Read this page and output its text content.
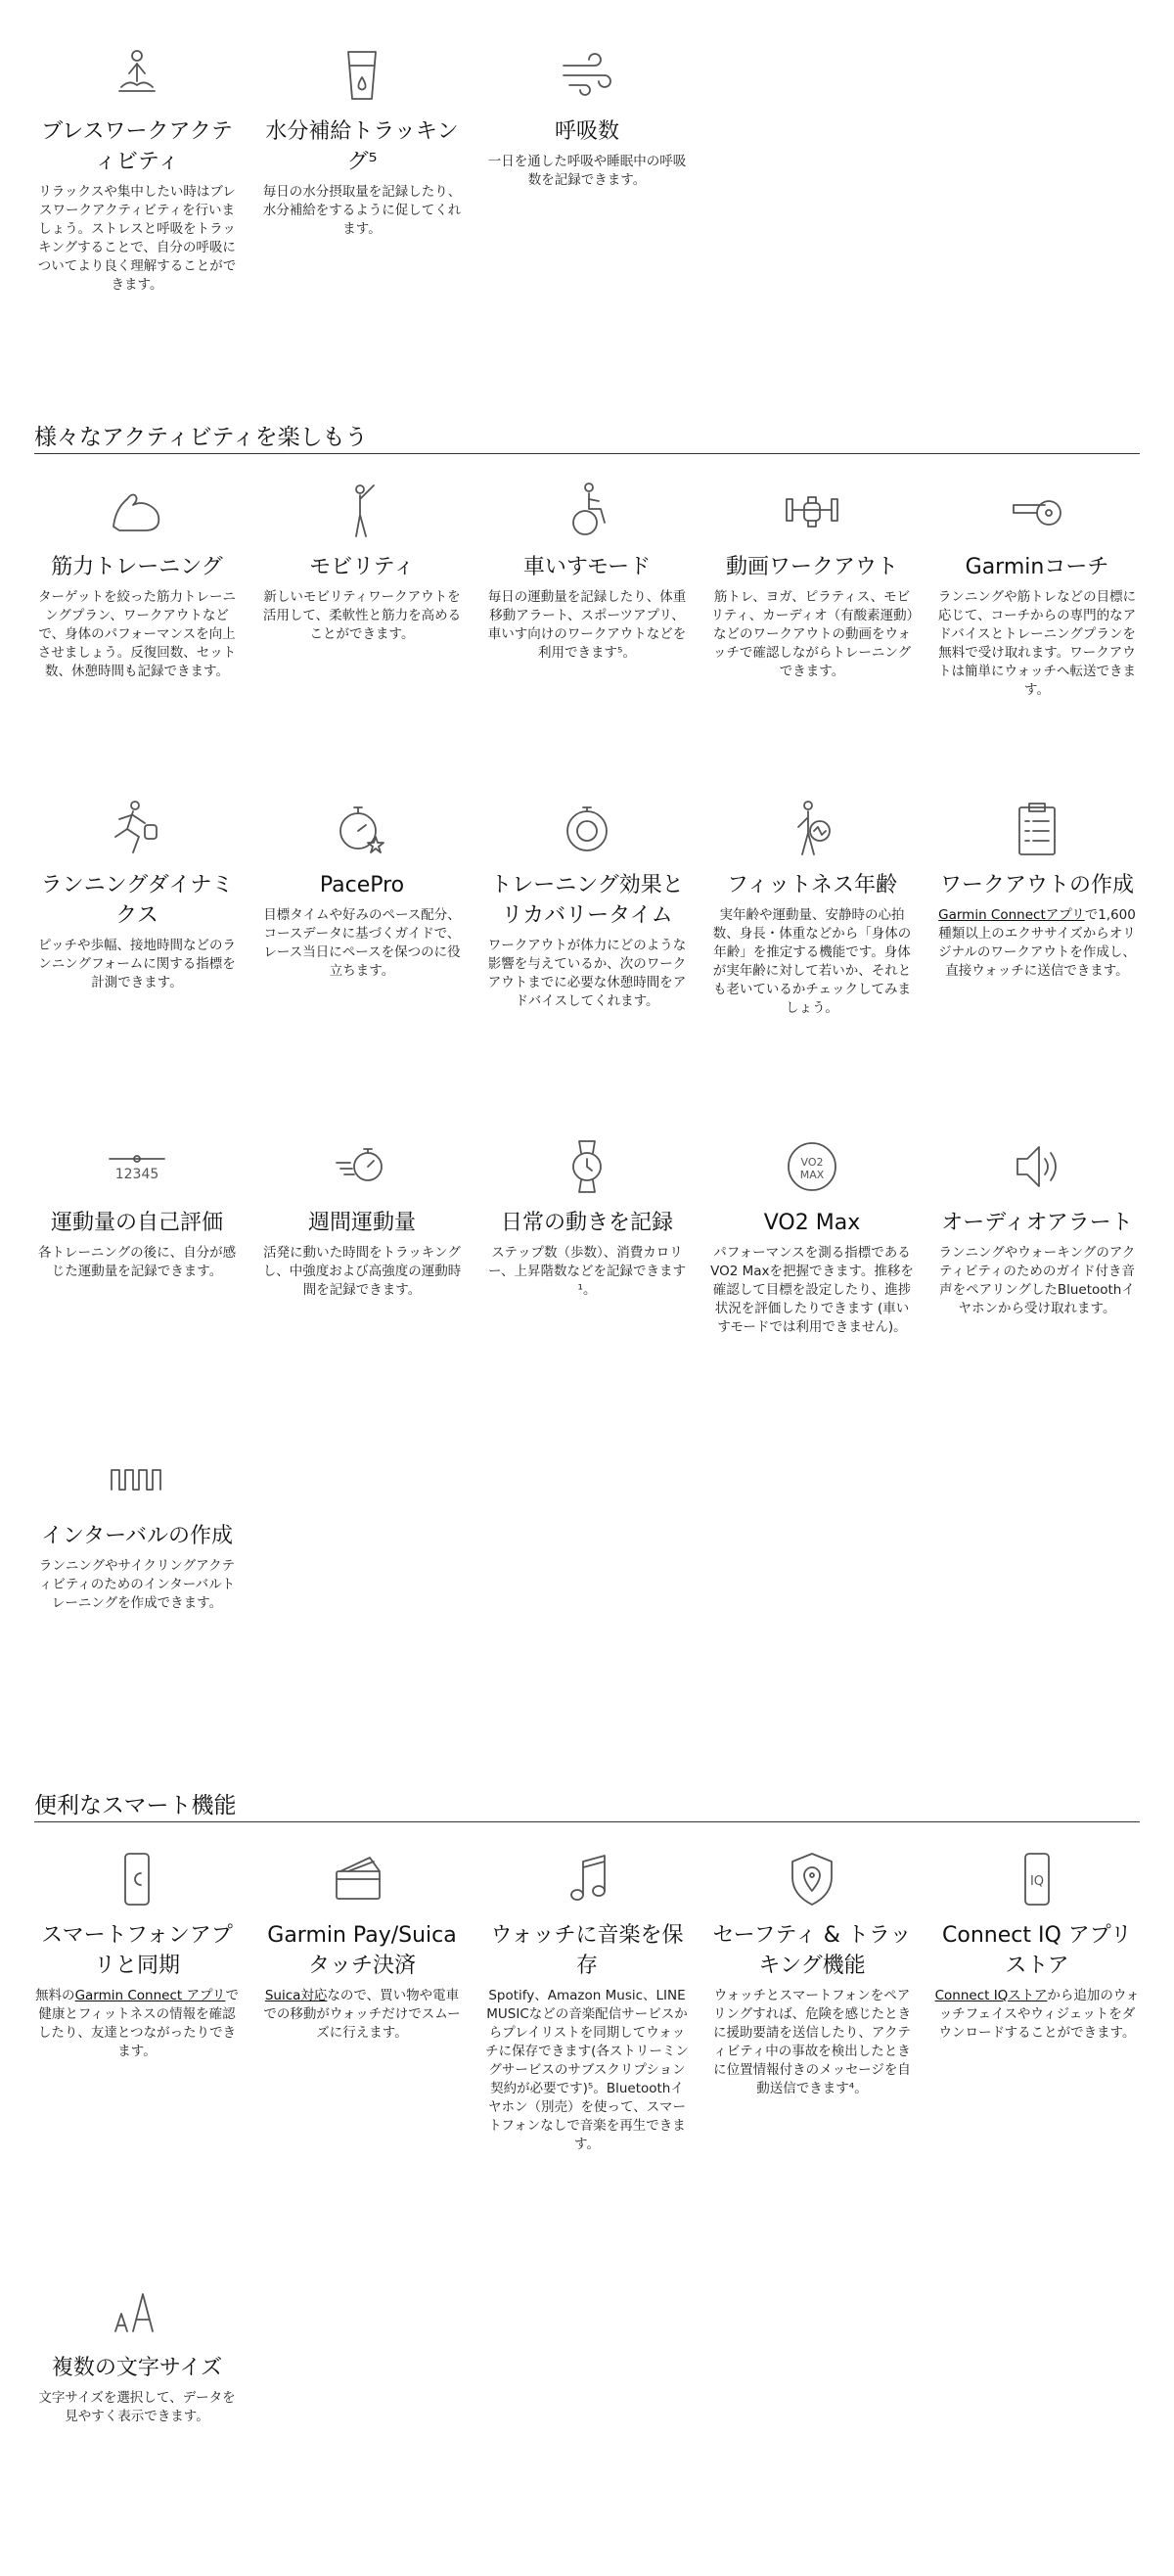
ブレスワークアクティビティ
リラックスや集中したい時はブレスワークアクティビティを行いましょう。ストレスと呼吸をトラッキングすることで、自分の呼吸についてより良く理解することができます。
水分補給トラッキング⁵
毎日の水分摂取量を記録したり、水分補給をするように促してくれます。
呼吸数
一日を通した呼吸や睡眠中の呼吸数を記録できます。
様々なアクティビティを楽しもう
筋力トレーニング
ターゲットを絞った筋力トレーニングプラン、ワークアウトなどで、身体のパフォーマンスを向上させましょう。反復回数、セット数、休憩時間も記録できます。
モビリティ
新しいモビリティワークアウトを活用して、柔軟性と筋力を高めることができます。
車いすモード
毎日の運動量を記録したり、体重移動アラート、スポーツアプリ、車いす向けのワークアウトなどを利用できます⁵。
動画ワークアウト
筋トレ、ヨガ、ピラティス、モビリティ、カーディオ（有酸素運動）などのワークアウトの動画をウォッチで確認しながらトレーニングできます。
Garminコーチ
ランニングや筋トレなどの目標に応じて、コーチからの専門的なアドバイスとトレーニングプランを無料で受け取れます。ワークアウトは簡単にウォッチへ転送できます。
ランニングダイナミクス
ピッチや歩幅、接地時間などのランニングフォームに関する指標を計測できます。
PacePro
目標タイムや好みのペース配分、コースデータに基づくガイドで、レース当日にペースを保つのに役立ちます。
トレーニング効果とリカバリータイム
ワークアウトが体力にどのような影響を与えているか、次のワークアウトまでに必要な休憩時間をアドバイスしてくれます。
フィットネス年齢
実年齢や運動量、安静時の心拍数、身長・体重などから「身体の年齢」を推定する機能です。身体が実年齢に対して若いか、それとも老いているかチェックしてみましょう。
ワークアウトの作成
Garmin Connectアプリで1,600 種類以上のエクササイズからオリジナルのワークアウトを作成し、直接ウォッチに送信できます。
12345
運動量の自己評価
各トレーニングの後に、自分が感じた運動量を記録できます。
週間運動量
活発に動いた時間をトラッキングし、中強度および高強度の運動時間を記録できます。
日常の動きを記録
ステップ数（歩数）、消費カロリー、上昇階数などを記録できます¹。
VO2
MAX
VO2 Max
パフォーマンスを測る指標であるVO2 Maxを把握できます。推移を確認して目標を設定したり、進捗状況を評価したりできます (車いすモードでは利用できません)。
オーディオアラート
ランニングやウォーキングのアクティビティのためのガイド付き音声をペアリングしたBluetoothイヤホンから受け取れます。
インターバルの作成
ランニングやサイクリングアクティビティのためのインターバルトレーニングを作成できます。
便利なスマート機能
スマートフォンアプリと同期
無料のGarmin Connect アプリで健康とフィットネスの情報を確認したり、友達とつながったりできます。
Garmin Pay/Suica タッチ決済
Suica対応なので、買い物や電車での移動がウォッチだけでスムーズに行えます。
ウォッチに音楽を保存
Spotify、Amazon Music、LINE MUSICなどの音楽配信サービスからプレイリストを同期してウォッチに保存できます(各ストリーミングサービスのサブスクリプション契約が必要です)⁵。Bluetoothイヤホン（別売）を使って、スマートフォンなしで音楽を再生できます。
セーフティ & トラッキング機能
ウォッチとスマートフォンをペアリングすれば、危険を感じたときに援助要請を送信したり、アクティビティ中の事故を検出したときに位置情報付きのメッセージを自動送信できます⁴。
IQ
Connect IQ アプリストア
Connect IQストアから追加のウォッチフェイスやウィジェットをダウンロードすることができます。
複数の文字サイズ
文字サイズを選択して、データを見やすく表示できます。
